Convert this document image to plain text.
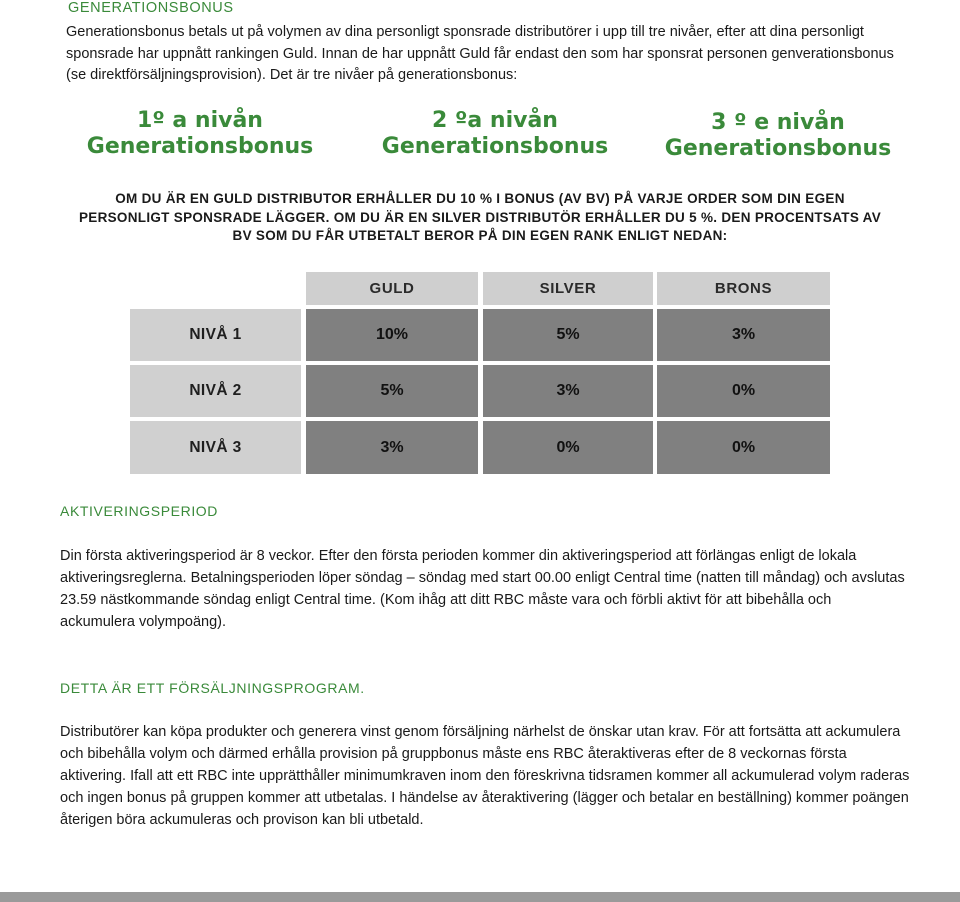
GENERATIONSBONUS
Generationsbonus betals ut på volymen av dina personligt sponsrade distributörer i upp till tre nivåer, efter att dina personligt sponsrade har uppnått rankingen Guld. Innan de har uppnått Guld får endast den som har sponsrat personen genverationsbonus (se direktförsäljningsprovision). Det är tre nivåer på generationsbonus:
1º a nivån
Generationsbonus
2 ºa nivån
Generationsbonus
3 º e nivån
Generationsbonus
OM DU ÄR EN GULD DISTRIBUTOR ERHÅLLER DU 10 % I BONUS (AV BV) PÅ VARJE ORDER SOM DIN EGEN PERSONLIGT SPONSRADE LÄGGER. OM DU ÄR EN SILVER DISTRIBUTÖR ERHÅLLER DU 5 %. DEN PROCENTSATS AV BV SOM DU FÅR UTBETALT BEROR PÅ DIN EGEN RANK ENLIGT NEDAN:
GULD	SILVER	BRONS
NIVÅ 1	10%	5%	3%
NIVÅ 2	5%	3%	0%
NIVÅ 3	3%	0%	0%
AKTIVERINGSPERIOD
Din första aktiveringsperiod är 8 veckor. Efter den första perioden kommer din aktiveringsperiod att förlängas enligt de lokala aktiveringsreglerna. Betalningsperioden löper söndag – söndag med start 00.00 enligt Central time (natten till måndag) och avslutas 23.59 nästkommande söndag enligt Central time. (Kom ihåg att ditt RBC måste vara och förbli aktivt för att bibehålla och ackumulera volympoäng).
DETTA ÄR ETT FÖRSÄLJNINGSPROGRAM.
Distributörer kan köpa produkter och generera vinst genom försäljning närhelst de önskar utan krav. För att fortsätta att ackumulera och bibehålla volym och därmed erhålla provision på gruppbonus måste ens RBC återaktiveras efter de 8 veckornas första aktivering. Ifall att ett RBC inte upprätthåller minimumkraven inom den föreskrivna tidsramen kommer all ackumulerad volym raderas och ingen bonus på gruppen kommer att utbetalas. I händelse av återaktivering (lägger och betalar en beställning) kommer poängen återigen böra ackumuleras och provison kan bli utbetald.
